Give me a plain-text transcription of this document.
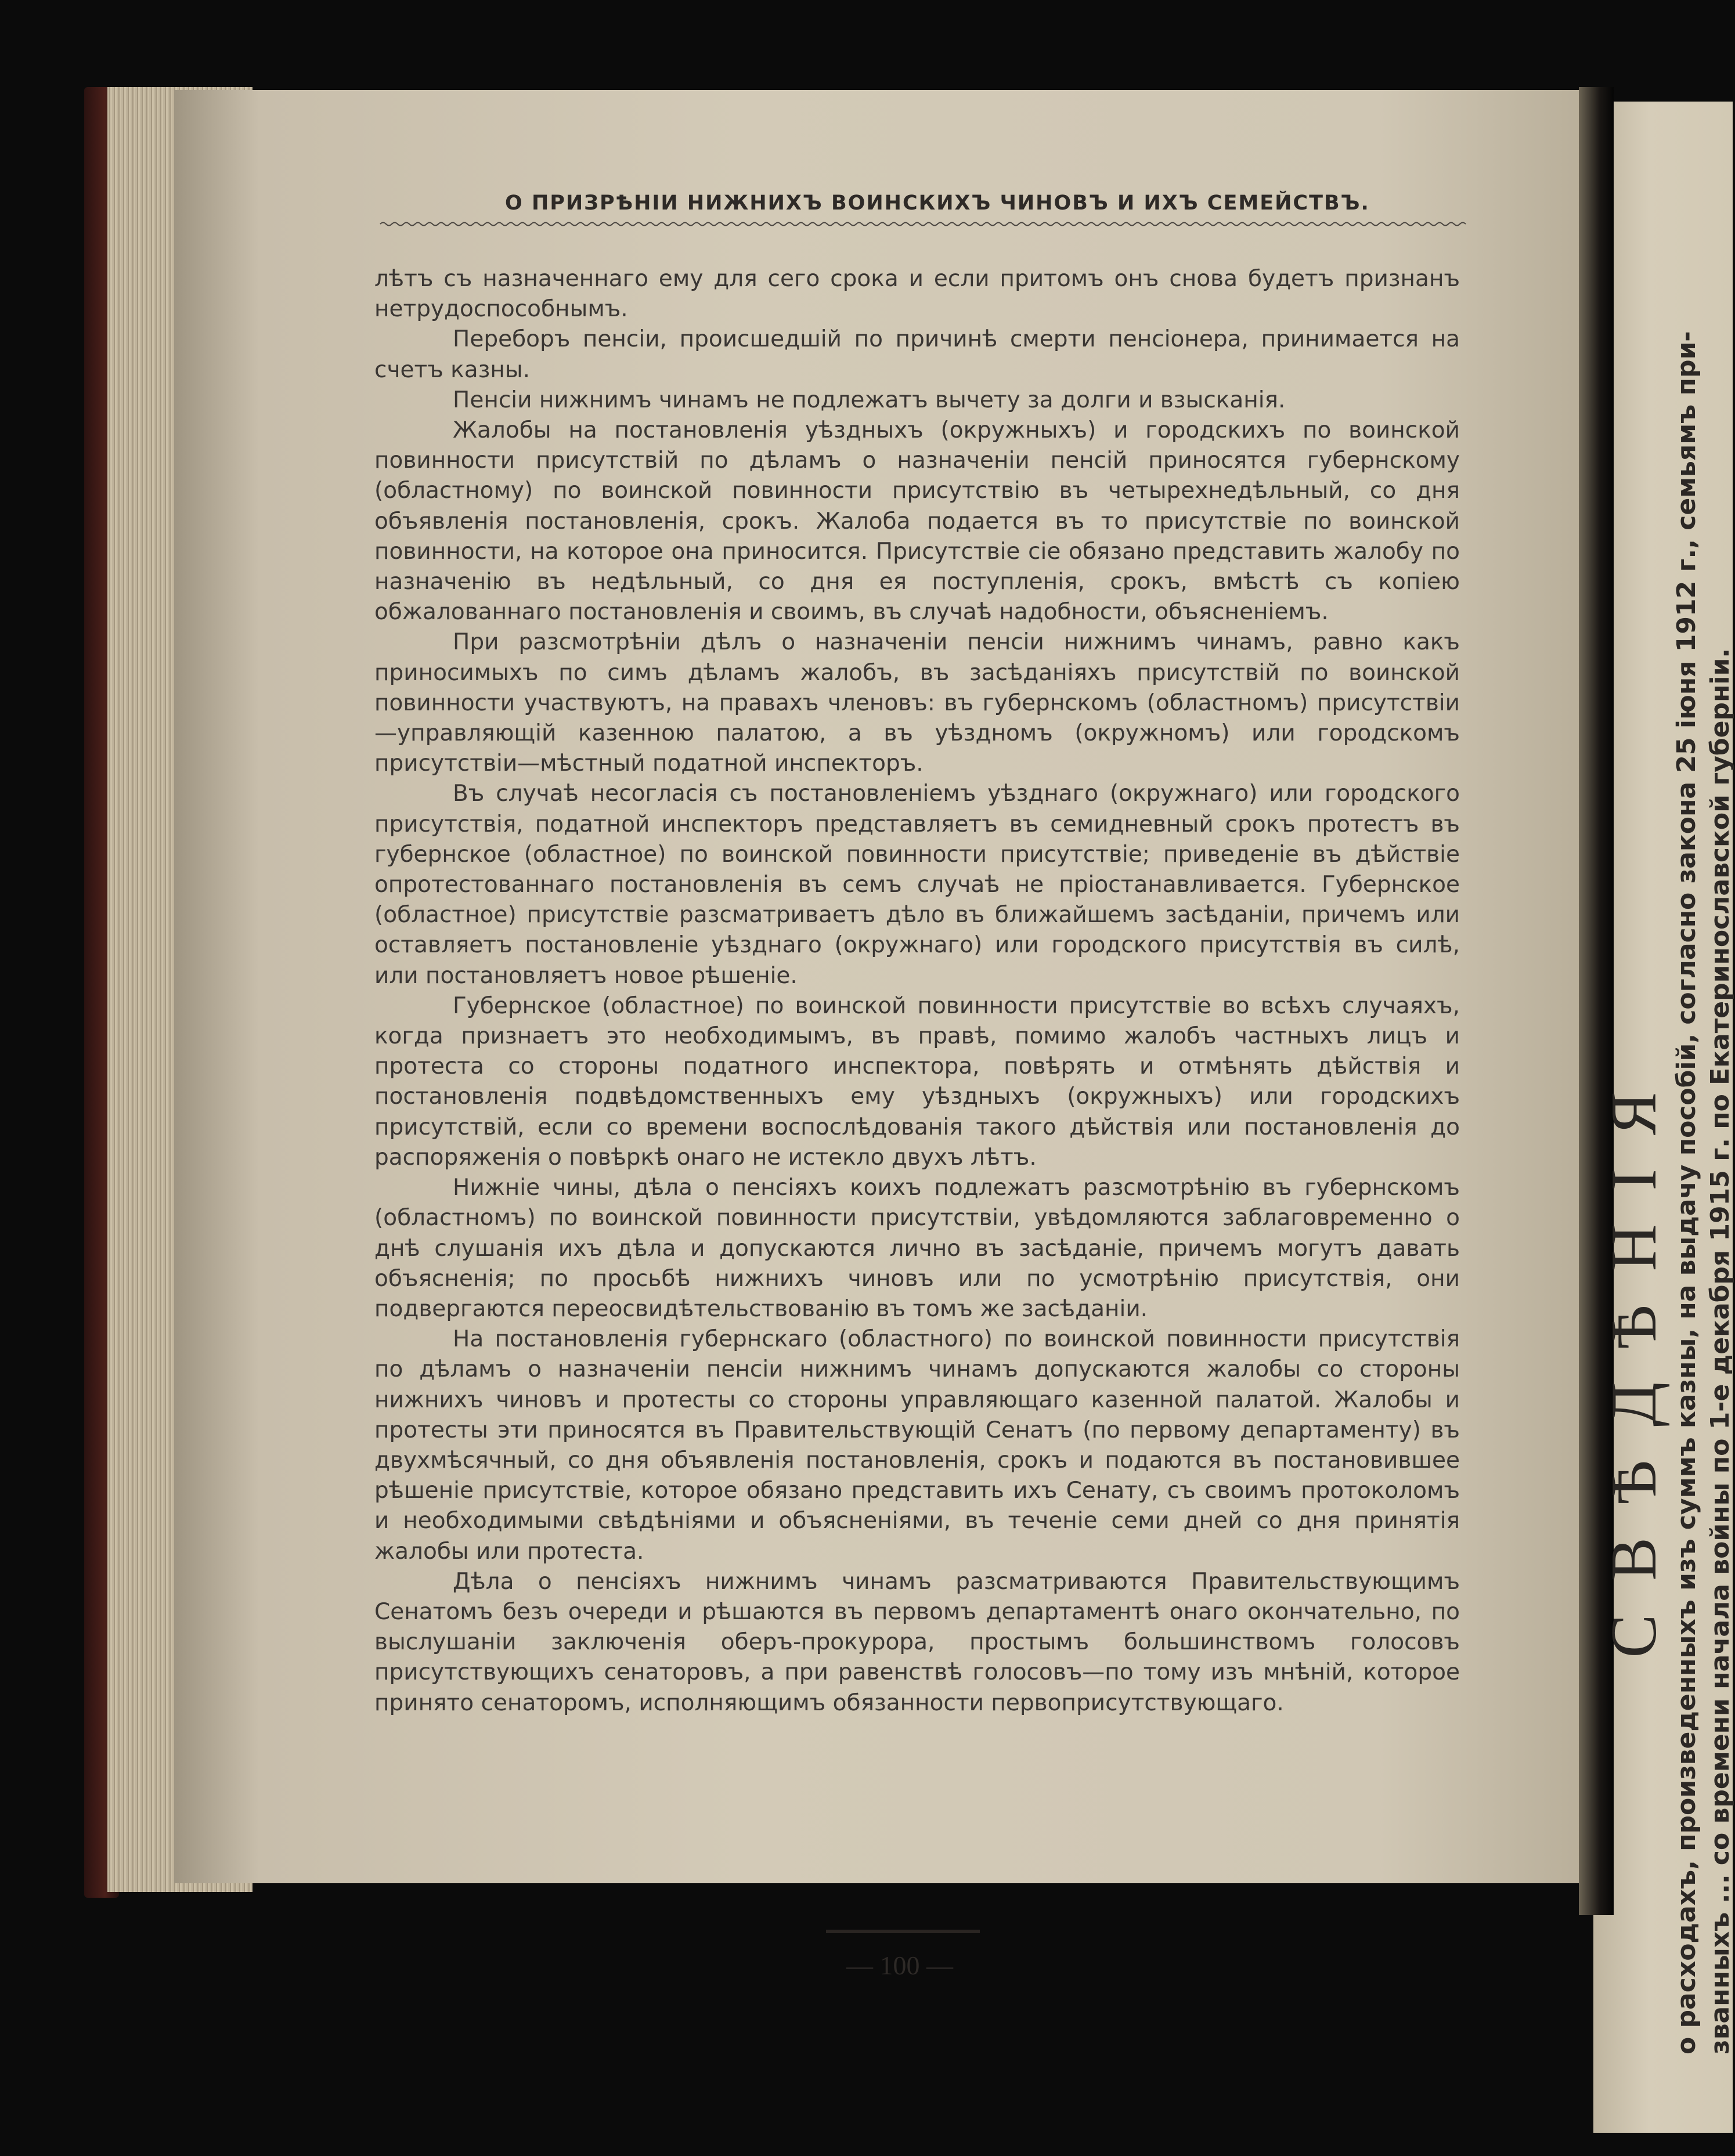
СВѢДѢНІЯ о расходахъ, произведенныхъ изъ суммъ казны, на выдачу пособій, согласно закона 25 іюня 1912 г., семьямъ при- званныхъ ... со времени начала войны по 1-е декабря 1915 г. по Екатеринославской губерніи.
О ПРИЗРѢНІИ НИЖНИХЪ ВОИНСКИХЪ ЧИНОВЪ И ИХЪ СЕМЕЙСТВЪ.

лѣтъ съ назначеннаго ему для сего срока и если притомъ онъ снова будетъ признанъ нетрудоспособнымъ.

Переборъ пенсіи, происшедшій по причинѣ смерти пенсіонера, принимается на счетъ казны.

Пенсіи нижнимъ чинамъ не подлежатъ вычету за долги и взысканія.

Жалобы на постановленія уѣздныхъ (окружныхъ) и городскихъ по воинской повинности присутствій по дѣламъ о назначеніи пенсій приносятся губернскому (областному) по воинской повинности присутствію въ четырехнедѣльный, со дня объявленія постановленія, срокъ. Жалоба подается въ то присутствіе по воинской повинности, на которое она приносится. Присутствіе сіе обязано представить жалобу по назначенію въ недѣльный, со дня ея поступленія, срокъ, вмѣстѣ съ копіею обжалованнаго постановленія и своимъ, въ случаѣ надобности, объясненіемъ.

При разсмотрѣніи дѣлъ о назначеніи пенсіи нижнимъ чинамъ, равно какъ приносимыхъ по симъ дѣламъ жалобъ, въ засѣданіяхъ присутствій по воинской повинности участвуютъ, на правахъ членовъ: въ губернскомъ (областномъ) присутствіи—управляющій казенною палатою, а въ уѣздномъ (окружномъ) или городскомъ присутствіи—мѣстный податной инспекторъ.

Въ случаѣ несогласія съ постановленіемъ уѣзднаго (окружнаго) или городского присутствія, податной инспекторъ представляетъ въ семидневный срокъ протестъ въ губернское (областное) по воинской повинности присутствіе; приведеніе въ дѣйствіе опротестованнаго постановленія въ семъ случаѣ не пріостанавливается. Губернское (областное) присутствіе разсматриваетъ дѣло въ ближайшемъ засѣданіи, причемъ или оставляетъ постановленіе уѣзднаго (окружнаго) или городского присутствія въ силѣ, или постановляетъ новое рѣшеніе.

Губернское (областное) по воинской повинности присутствіе во всѣхъ случаяхъ, когда признаетъ это необходимымъ, въ правѣ, помимо жалобъ частныхъ лицъ и протеста со стороны податного инспектора, повѣрять и отмѣнять дѣйствія и постановленія подвѣдомственныхъ ему уѣздныхъ (окружныхъ) или городскихъ присутствій, если со времени воспослѣдованія такого дѣйствія или постановленія до распоряженія о повѣркѣ онаго не истекло двухъ лѣтъ.

Нижніе чины, дѣла о пенсіяхъ коихъ подлежатъ разсмотрѣнію въ губернскомъ (областномъ) по воинской повинности присутствіи, увѣдомляются заблаговременно о днѣ слушанія ихъ дѣла и допускаются лично въ засѣданіе, причемъ могутъ давать объясненія; по просьбѣ нижнихъ чиновъ или по усмотрѣнію присутствія, они подвергаются переосвидѣтельствованію въ томъ же засѣданіи.

На постановленія губернскаго (областного) по воинской повинности присутствія по дѣламъ о назначеніи пенсіи нижнимъ чинамъ допускаются жалобы со стороны нижнихъ чиновъ и протесты со стороны управляющаго казенной палатой. Жалобы и протесты эти приносятся въ Правительствующій Сенатъ (по первому департаменту) въ двухмѣсячный, со дня объявленія постановленія, срокъ и подаются въ постановившее рѣшеніе присутствіе, которое обязано представить ихъ Сенату, съ своимъ протоколомъ и необходимыми свѣдѣніями и объясненіями, въ теченіе семи дней со дня принятія жалобы или протеста.

Дѣла о пенсіяхъ нижнимъ чинамъ разсматриваются Правительствующимъ Сенатомъ безъ очереди и рѣшаются въ первомъ департаментѣ онаго окончательно, по выслушаніи заключенія оберъ-прокурора, простымъ большинствомъ голосовъ присутствующихъ сенаторовъ, а при равенствѣ голосовъ—по тому изъ мнѣній, которое принято сенаторомъ, исполняющимъ обязанности первоприсутствующаго.

— 100 —
